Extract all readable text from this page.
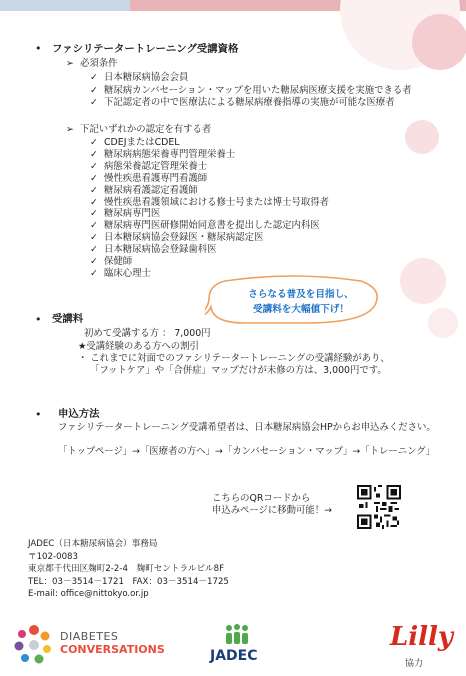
• ファシリテータートレーニング受講資格
➢ 必須条件
✓ 日本糖尿病協会会員
✓ 糖尿病カンバセーション・マップを用いた糖尿病医療支援を実施できる者
✓ 下記認定者の中で医療法による糖尿病療養指導の実施が可能な医療者
➢ 下記いずれかの認定を有する者
✓ CDEJまたはCDEL
✓ 糖尿病病態栄養専門管理栄養士
✓ 病態栄養認定管理栄養士
✓ 慢性疾患看護専門看護師
✓ 糖尿病看護認定看護師
✓ 慢性疾患看護領域における修士号または博士号取得者
✓ 糖尿病専門医
✓ 糖尿病専門医研修開始同意書を提出した認定内科医
✓ 日本糖尿病協会登録医・糖尿病認定医
✓ 日本糖尿病協会登録歯科医
✓ 保健師
✓ 臨床心理士
さらなる普及を目指し、
受講料を大幅値下げ！
• 受講料
初めて受講する方 ： 7,000円
★受講経験のある方への割引
・ これまでに対面でのファシリテータートレーニングの受講経験があり、
「フットケア」や「合併症」マップだけが未修の方は、3,000円です。
• 申込方法
ファシリテータートレーニング受講希望者は、日本糖尿病協会HPからお申込みください。
「トップページ」→「医療者の方へ」→「カンバセーション・マップ」→「トレーニング」
こちらのQRコードから
申込みページに移動可能！→
JADEC（日本糖尿病協会）事務局
〒102-0083
東京都千代田区麹町2-2-4　麹町セントラルビル8F
TEL：03－3514－1721　FAX：03－3514－1725
E-mail: office@nittokyo.or.jp
DIABETES
CONVERSATIONS	JADEC
Lilly
協力
